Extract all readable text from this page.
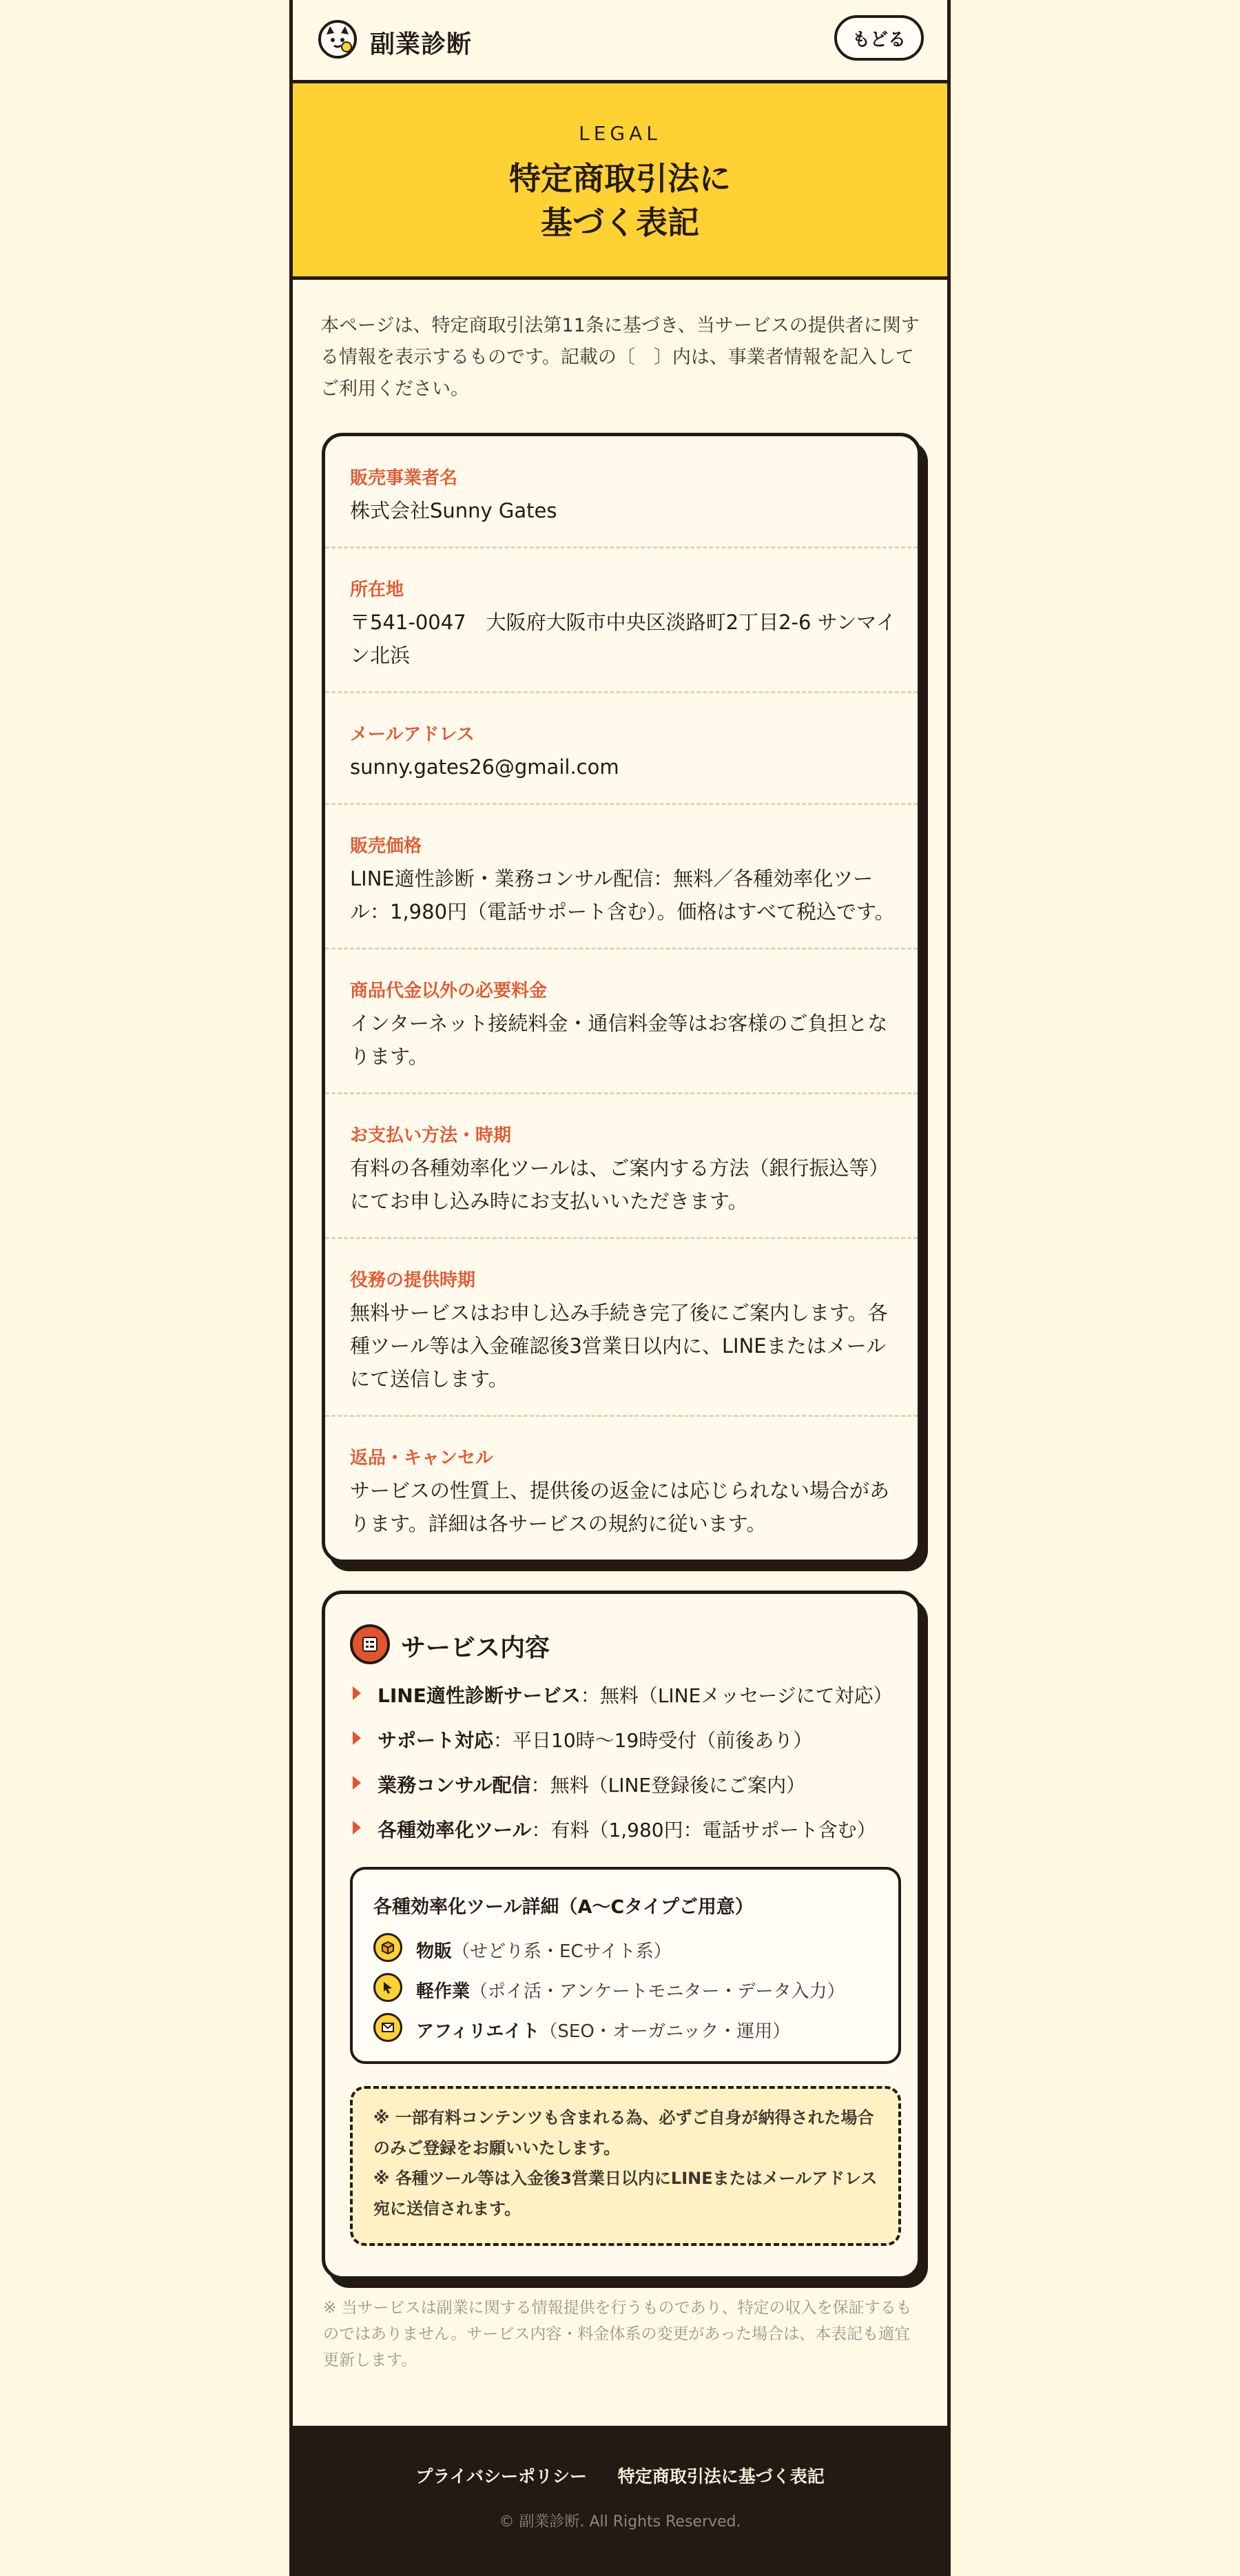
副業診断	もどる
LEGAL
特定商取引法に
基づく表記
本ページは、特定商取引法第11条に基づき、当サービスの提供者に関する情報を表示するものです。記載の〔　〕内は、事業者情報を記入してご利用ください。
販売事業者名
株式会社Sunny Gates
所在地
〒541-0047　大阪府大阪市中央区淡路町2丁目2-6 サンマイン北浜
メールアドレス
sunny.gates26@gmail.com
販売価格
LINE適性診断・業務コンサル配信：無料／各種効率化ツール：1,980円（電話サポート含む）。価格はすべて税込です。
商品代金以外の必要料金
インターネット接続料金・通信料金等はお客様のご負担となります。
お支払い方法・時期
有料の各種効率化ツールは、ご案内する方法（銀行振込等）にてお申し込み時にお支払いいただきます。
役務の提供時期
無料サービスはお申し込み手続き完了後にご案内します。各種ツール等は入金確認後3営業日以内に、LINEまたはメールにて送信します。
返品・キャンセル
サービスの性質上、提供後の返金には応じられない場合があります。詳細は各サービスの規約に従います。
サービス内容
LINE適性診断サービス：無料（LINEメッセージにて対応）
サポート対応：平日10時〜19時受付（前後あり）
業務コンサル配信：無料（LINE登録後にご案内）
各種効率化ツール：有料（1,980円：電話サポート含む）
各種効率化ツール詳細（A〜Cタイプご用意）
物販（せどり系・ECサイト系）
軽作業（ポイ活・アンケートモニター・データ入力）
アフィリエイト（SEO・オーガニック・運用）
※ 一部有料コンテンツも含まれる為、必ずご自身が納得された場合のみご登録をお願いいたします。
※ 各種ツール等は入金後3営業日以内にLINEまたはメールアドレス宛に送信されます。
※ 当サービスは副業に関する情報提供を行うものであり、特定の収入を保証するものではありません。サービス内容・料金体系の変更があった場合は、本表記も適宜更新します。
プライバシーポリシー 特定商取引法に基づく表記
© 副業診断. All Rights Reserved.
